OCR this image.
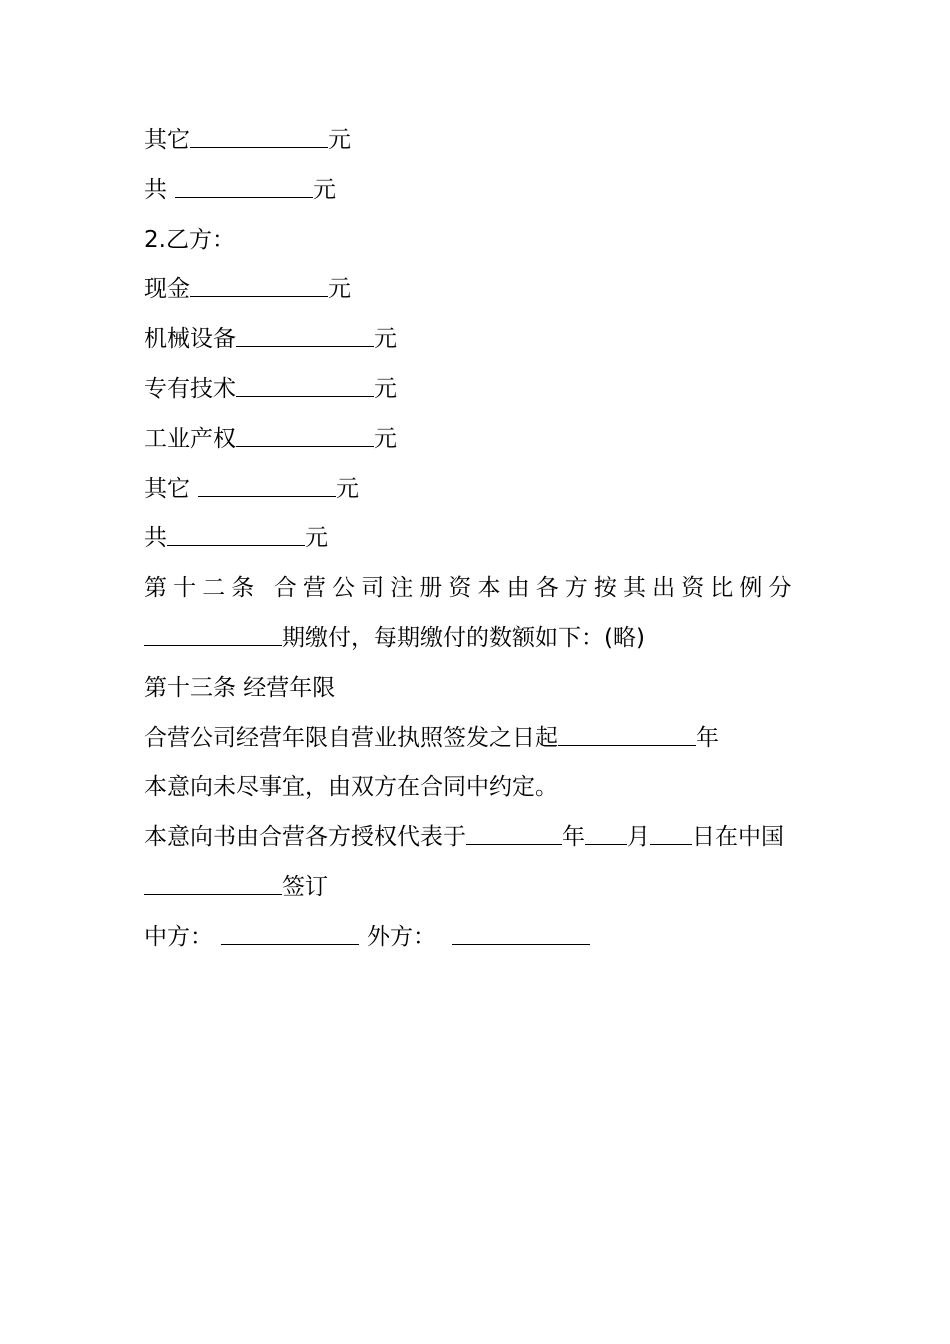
其它	元
共	元
2.乙方：
现金	元
机械设备	元
专有技术	元
工业产权	元
其它	元
共	元
第十二条 合营公司注册资本由各方按其出资比例分
期缴付，每期缴付的数额如下：(略)
第十三条 经营年限
合营公司经营年限自营业执照签发之日起	年
本意向未尽事宜，由双方在合同中约定。
本意向书由合营各方授权代表于	年 月 日在中国
签订
中方：	外方：
